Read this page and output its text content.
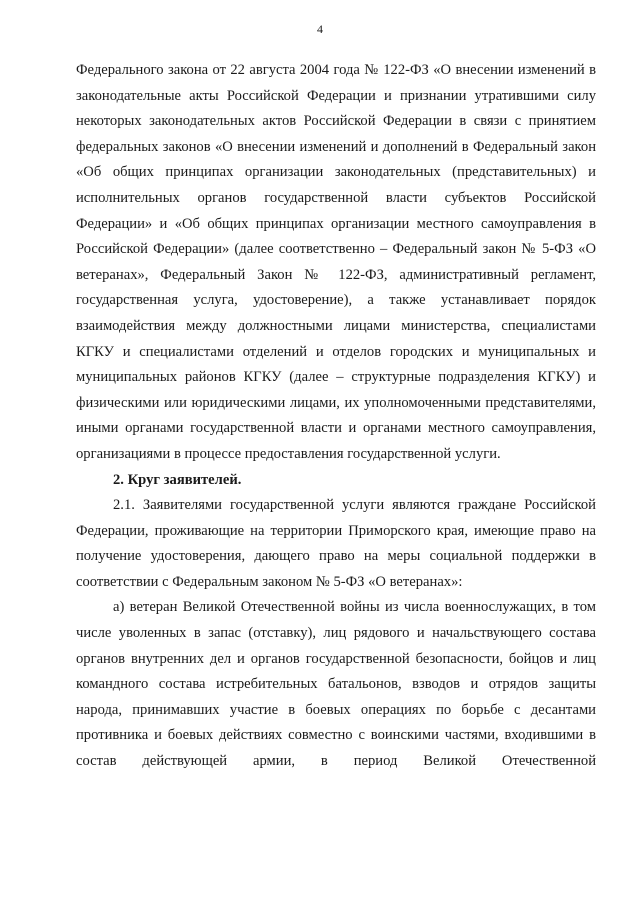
4

Федерального закона от 22 августа 2004 года № 122-ФЗ «О внесении изменений в законодательные акты Российской Федерации и признании утратившими силу некоторых законодательных актов Российской Федерации в связи с принятием федеральных законов «О внесении изменений и дополнений в Федеральный закон «Об общих принципах организации законодательных (представительных) и исполнительных органов государственной власти субъектов Российской Федерации» и «Об общих принципах организации местного самоуправления в Российской Федерации» (далее соответственно – Федеральный закон № 5-ФЗ «О ветеранах», Федеральный Закон № 122-ФЗ, административный регламент, государственная услуга, удостоверение), а также устанавливает порядок взаимодействия между должностными лицами министерства, специалистами КГКУ и специалистами отделений и отделов городских и муниципальных и муниципальных районов КГКУ (далее – структурные подразделения КГКУ) и физическими или юридическими лицами, их уполномоченными представителями, иными органами государственной власти и органами местного самоуправления, организациями в процессе предоставления государственной услуги.

2. Круг заявителей.

2.1. Заявителями государственной услуги являются граждане Российской Федерации, проживающие на территории Приморского края, имеющие право на получение удостоверения, дающего право на меры социальной поддержки в соответствии с Федеральным законом № 5-ФЗ «О ветеранах»:

а) ветеран Великой Отечественной войны из числа военнослужащих, в том числе уволенных в запас (отставку), лиц рядового и начальствующего состава органов внутренних дел и органов государственной безопасности, бойцов и лиц командного состава истребительных батальонов, взводов и отрядов защиты народа, принимавших участие в боевых операциях по борьбе с десантами противника и боевых действиях совместно с воинскими частями, входившими в состав действующей армии, в период Великой Отечественной
